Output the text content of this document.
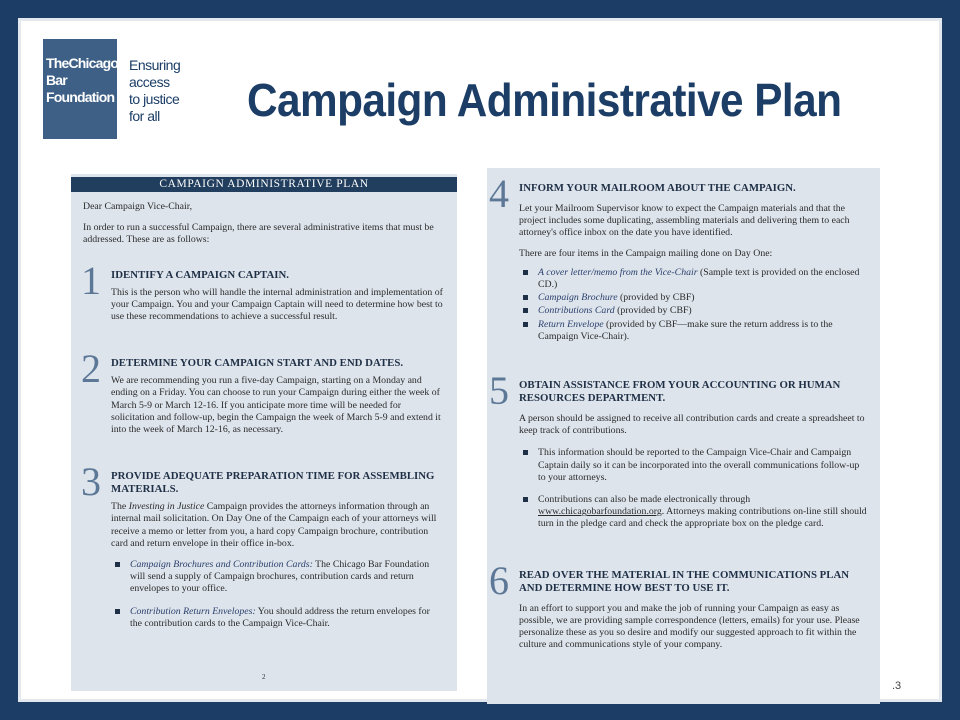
TheChicago
Bar
Foundation
Ensuring
access
to justice
for all	Campaign Administrative Plan
CAMPAIGN ADMINISTRATIVE PLAN

Dear Campaign Vice-Chair,

In order to run a successful Campaign, there are several administrative items that must be addressed. These are as follows:

1 IDENTIFY A CAMPAIGN CAPTAIN.

This is the person who will handle the internal administration and implementation of your Campaign. You and your Campaign Captain will need to determine how best to use these recommendations to achieve a successful result.

2 DETERMINE YOUR CAMPAIGN START AND END DATES.

We are recommending you run a five-day Campaign, starting on a Monday and ending on a Friday. You can choose to run your Campaign during either the week of March 5-9 or March 12-16. If you anticipate more time will be needed for solicitation and follow-up, begin the Campaign the week of March 5-9 and extend it into the week of March 12-16, as necessary.

3 PROVIDE ADEQUATE PREPARATION TIME FOR ASSEMBLING MATERIALS.

The Investing in Justice Campaign provides the attorneys information through an internal mail solicitation. On Day One of the Campaign each of your attorneys will receive a memo or letter from you, a hard copy Campaign brochure, contribution card and return envelope in their office in-box.

Campaign Brochures and Contribution Cards: The Chicago Bar Foundation will send a supply of Campaign brochures, contribution cards and return envelopes to your office.
Contribution Return Envelopes: You should address the return envelopes for the contribution cards to the Campaign Vice-Chair.
2
4 INFORM YOUR MAILROOM ABOUT THE CAMPAIGN.

Let your Mailroom Supervisor know to expect the Campaign materials and that the project includes some duplicating, assembling materials and delivering them to each attorney's office inbox on the date you have identified.

There are four items in the Campaign mailing done on Day One:

A cover letter/memo from the Vice-Chair (Sample text is provided on the enclosed CD.)
Campaign Brochure (provided by CBF)
Contributions Card (provided by CBF)
Return Envelope (provided by CBF—make sure the return address is to the Campaign Vice-Chair).
5 OBTAIN ASSISTANCE FROM YOUR ACCOUNTING OR HUMAN RESOURCES DEPARTMENT.

A person should be assigned to receive all contribution cards and create a spreadsheet to keep track of contributions.

This information should be reported to the Campaign Vice-Chair and Campaign Captain daily so it can be incorporated into the overall communications follow-up to your attorneys.
Contributions can also be made electronically through www.chicagobarfoundation.org. Attorneys making contributions on-line still should turn in the pledge card and check the appropriate box on the pledge card.
6 READ OVER THE MATERIAL IN THE COMMUNICATIONS PLAN AND DETERMINE HOW BEST TO USE IT.

In an effort to support you and make the job of running your Campaign as easy as possible, we are providing sample correspondence (letters, emails) for your use. Please personalize these as you so desire and modify our suggested approach to fit within the culture and communications style of your company.

.3
